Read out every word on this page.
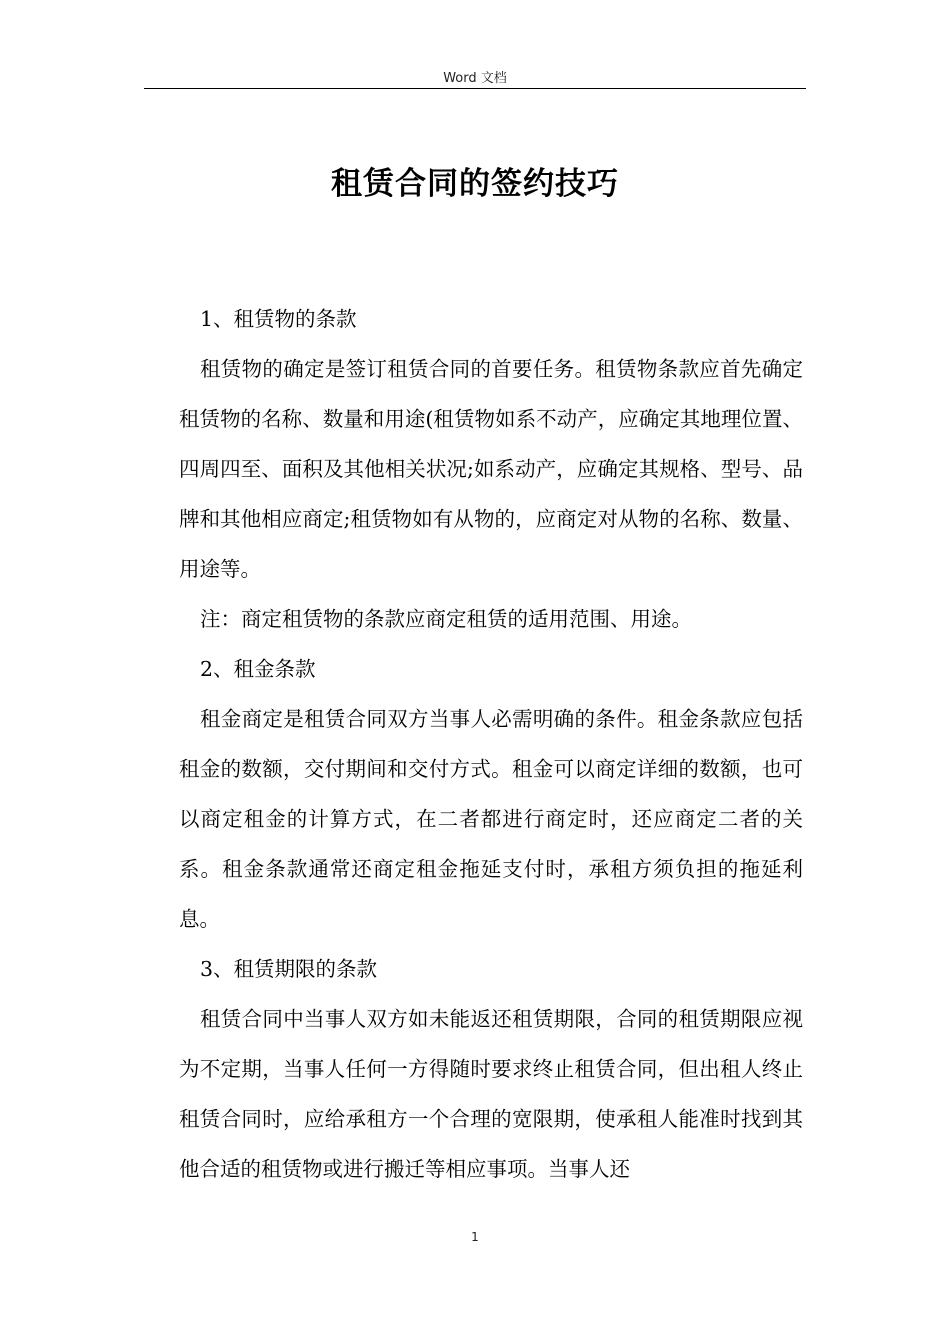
Word 文档
租赁合同的签约技巧

1、租赁物的条款

租赁物的确定是签订租赁合同的首要任务。租赁物条款应首先确定租赁物的名称、数量和用途(租赁物如系不动产，应确定其地理位置、四周四至、面积及其他相关状况;如系动产，应确定其规格、型号、品牌和其他相应商定;租赁物如有从物的，应商定对从物的名称、数量、用途等。

注：商定租赁物的条款应商定租赁的适用范围、用途。

2、租金条款

租金商定是租赁合同双方当事人必需明确的条件。租金条款应包括租金的数额，交付期间和交付方式。租金可以商定详细的数额，也可以商定租金的计算方式，在二者都进行商定时，还应商定二者的关系。租金条款通常还商定租金拖延支付时，承租方须负担的拖延利息。

3、租赁期限的条款

租赁合同中当事人双方如未能返还租赁期限，合同的租赁期限应视为不定期，当事人任何一方得随时要求终止租赁合同，但出租人终止租赁合同时，应给承租方一个合理的宽限期，使承租人能准时找到其他合适的租赁物或进行搬迁等相应事项。当事人还

1
